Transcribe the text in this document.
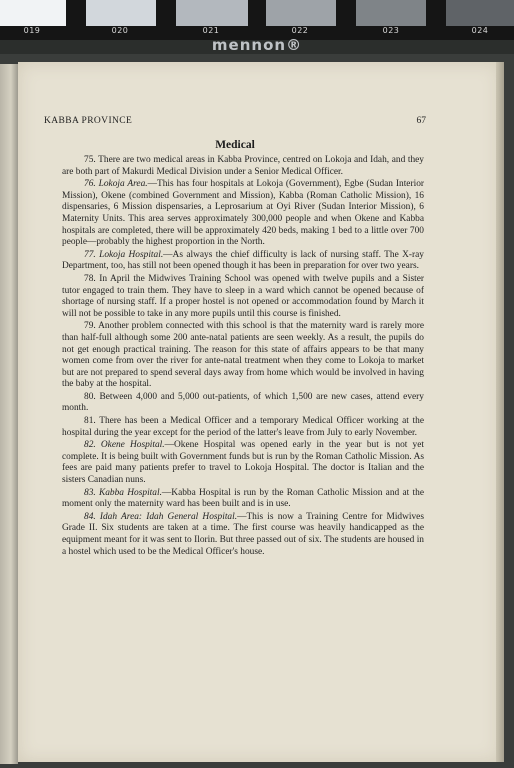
019	020	021	022	023	024
mennon®
KABBA PROVINCE	67
Medical

75. There are two medical areas in Kabba Province, centred on Lokoja and Idah, and they are both part of Makurdi Medical Division under a Senior Medical Officer.

76. Lokoja Area.—This has four hospitals at Lokoja (Government), Egbe (Sudan Interior Mission), Okene (combined Government and Mission), Kabba (Roman Catholic Mission), 16 dispensaries, 6 Mission dispensaries, a Leprosarium at Oyi River (Sudan Interior Mission), 6 Maternity Units. This area serves approximately 300,000 people and when Okene and Kabba hospitals are completed, there will be approximately 420 beds, making 1 bed to a little over 700 people—probably the highest proportion in the North.

77. Lokoja Hospital.—As always the chief difficulty is lack of nursing staff. The X-ray Department, too, has still not been opened though it has been in preparation for over two years.

78. In April the Midwives Training School was opened with twelve pupils and a Sister tutor engaged to train them. They have to sleep in a ward which cannot be opened because of shortage of nursing staff. If a proper hostel is not opened or accommodation found by March it will not be possible to take in any more pupils until this course is finished.

79. Another problem connected with this school is that the maternity ward is rarely more than half-full although some 200 ante-natal patients are seen weekly. As a result, the pupils do not get enough practical training. The reason for this state of affairs appears to be that many women come from over the river for ante-natal treatment when they come to Lokoja to market but are not prepared to spend several days away from home which would be involved in having the baby at the hospital.

80. Between 4,000 and 5,000 out-patients, of which 1,500 are new cases, attend every month.

81. There has been a Medical Officer and a temporary Medical Officer working at the hospital during the year except for the period of the latter's leave from July to early November.

82. Okene Hospital.—Okene Hospital was opened early in the year but is not yet complete. It is being built with Government funds but is run by the Roman Catholic Mission. As fees are paid many patients prefer to travel to Lokoja Hospital. The doctor is Italian and the sisters Canadian nuns.

83. Kabba Hospital.—Kabba Hospital is run by the Roman Catholic Mission and at the moment only the maternity ward has been built and is in use.

84. Idah Area: Idah General Hospital.—This is now a Training Centre for Midwives Grade II. Six students are taken at a time. The first course was heavily handicapped as the equipment meant for it was sent to Ilorin. But three passed out of six. The students are housed in a hostel which used to be the Medical Officer's house.
